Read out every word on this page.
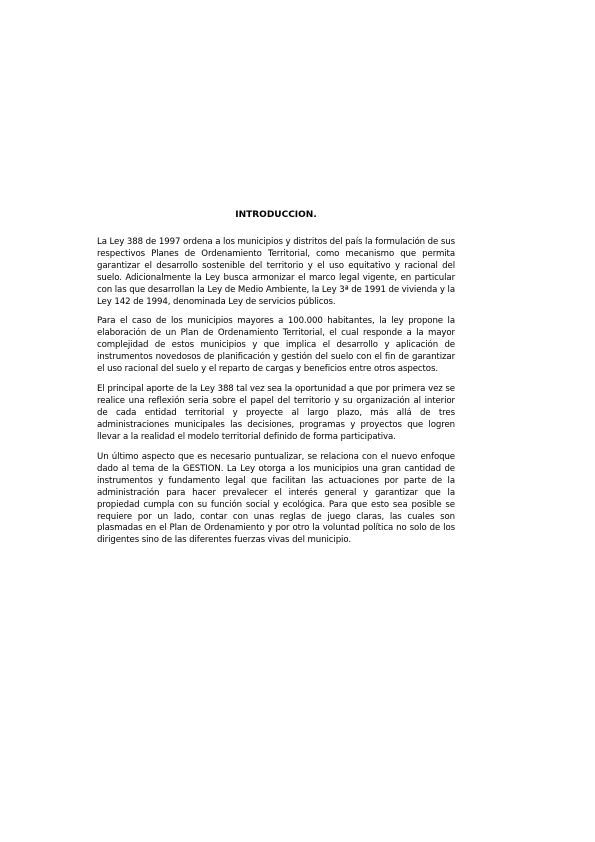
INTRODUCCION.

La Ley 388 de 1997 ordena a los municipios y distritos del país la formulación de sus respectivos Planes de Ordenamiento Territorial, como mecanismo que permita garantizar el desarrollo sostenible del territorio y el uso equitativo y racional del suelo. Adicionalmente la Ley busca armonizar el marco legal vigente, en particular con las que desarrollan la Ley de Medio Ambiente, la Ley 3ª de 1991 de vivienda y la Ley 142 de 1994, denominada Ley de servicios públicos.

Para el caso de los municipios mayores a 100.000 habitantes, la ley propone la elaboración de un Plan de Ordenamiento Territorial, el cual responde a la mayor complejidad de estos municipios y que implica el desarrollo y aplicación de instrumentos novedosos de planificación y gestión del suelo con el fin de garantizar el uso racional del suelo y el reparto de cargas y beneficios entre otros aspectos.

El principal aporte de la Ley 388 tal vez sea la oportunidad a que por primera vez se realice una reflexión seria sobre el papel del territorio y su organización al interior de cada entidad territorial y proyecte al largo plazo, más allá de tres administraciones municipales las decisiones, programas y proyectos que logren llevar a la realidad el modelo territorial definido de forma participativa.

Un último aspecto que es necesario puntualizar, se relaciona con el nuevo enfoque dado al tema de la GESTION. La Ley otorga a los municipios una gran cantidad de instrumentos y fundamento legal que facilitan las actuaciones por parte de la administración para hacer prevalecer el interés general y garantizar que la propiedad cumpla con su función social y ecológica. Para que esto sea posible se requiere por un lado, contar con unas reglas de juego claras, las cuales son plasmadas en el Plan de Ordenamiento y por otro la voluntad política no solo de los dirigentes sino de las diferentes fuerzas vivas del municipio.
